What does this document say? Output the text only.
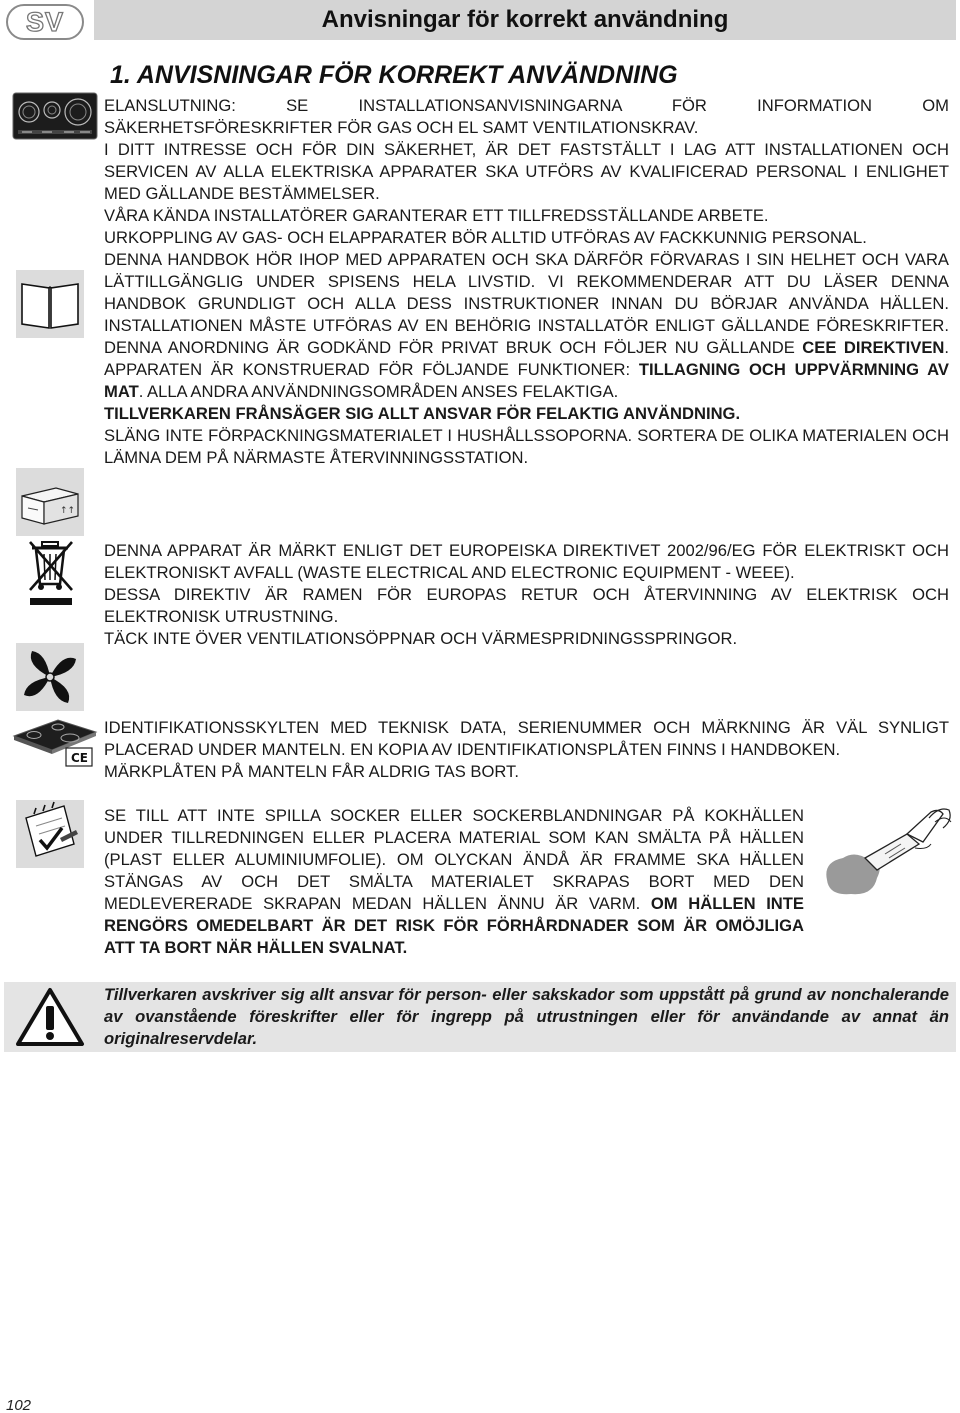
SV	Anvisningar för korrekt användning
1. ANVISNINGAR FÖR KORREKT ANVÄNDNING
↑↑
CE

ELANSLUTNING: SE INSTALLATIONSANVISNINGARNA FÖR INFORMATION OM SÄKERHETSFÖRESKRIFTER FÖR GAS OCH EL SAMT VENTILATIONSKRAV.

I DITT INTRESSE OCH FÖR DIN SÄKERHET, ÄR DET FASTSTÄLLT I LAG ATT INSTALLATIONEN OCH SERVICEN AV ALLA ELEKTRISKA APPARATER SKA UTFÖRS AV KVALIFICERAD PERSONAL I ENLIGHET MED GÄLLANDE BESTÄMMELSER.

VÅRA KÄNDA INSTALLATÖRER GARANTERAR ETT TILLFREDSSTÄLLANDE ARBETE.

URKOPPLING AV GAS- OCH ELAPPARATER BÖR ALLTID UTFÖRAS AV FACKKUNNIG PERSONAL.

DENNA HANDBOK HÖR IHOP MED APPARATEN OCH SKA DÄRFÖR FÖRVARAS I SIN HELHET OCH VARA LÄTTILLGÄNGLIG UNDER SPISENS HELA LIVSTID. VI REKOMMENDERAR ATT DU LÄSER DENNA HANDBOK GRUNDLIGT OCH ALLA DESS INSTRUKTIONER INNAN DU BÖRJAR ANVÄNDA HÄLLEN. INSTALLATIONEN MÅSTE UTFÖRAS AV EN BEHÖRIG INSTALLATÖR ENLIGT GÄLLANDE FÖRESKRIFTER. DENNA ANORDNING ÄR GODKÄND FÖR PRIVAT BRUK OCH FÖLJER NU GÄLLANDE CEE DIREKTIVEN. APPARATEN ÄR KONSTRUERAD FÖR FÖLJANDE FUNKTIONER: TILLAGNING OCH UPPVÄRMNING AV MAT. ALLA ANDRA ANVÄNDNINGSOMRÅDEN ANSES FELAKTIGA.

TILLVERKAREN FRÅNSÄGER SIG ALLT ANSVAR FÖR FELAKTIG ANVÄNDNING.

SLÄNG INTE FÖRPACKNINGSMATERIALET I HUSHÅLLSSOPORNA. SORTERA DE OLIKA MATERIALEN OCH LÄMNA DEM PÅ NÄRMASTE ÅTERVINNINGSSTATION.

DENNA APPARAT ÄR MÄRKT ENLIGT DET EUROPEISKA DIREKTIVET 2002/96/EG FÖR ELEKTRISKT OCH ELEKTRONISKT AVFALL (WASTE ELECTRICAL AND ELECTRONIC EQUIPMENT - WEEE).

DESSA DIREKTIV ÄR RAMEN FÖR EUROPAS RETUR OCH ÅTERVINNING AV ELEKTRISK OCH ELEKTRONISK UTRUSTNING.

TÄCK INTE ÖVER VENTILATIONSÖPPNAR OCH VÄRMESPRIDNINGSSPRINGOR.

IDENTIFIKATIONSSKYLTEN MED TEKNISK DATA, SERIENUMMER OCH MÄRKNING ÄR VÄL SYNLIGT PLACERAD UNDER MANTELN. EN KOPIA AV IDENTIFIKATIONSPLÅTEN FINNS I HANDBOKEN.

MÄRKPLÅTEN PÅ MANTELN FÅR ALDRIG TAS BORT.

SE TILL ATT INTE SPILLA SOCKER ELLER SOCKERBLANDNINGAR PÅ KOKHÄLLEN UNDER TILLREDNINGEN ELLER PLACERA MATERIAL SOM KAN SMÄLTA PÅ HÄLLEN (PLAST ELLER ALUMINIUMFOLIE). OM OLYCKAN ÄNDÅ ÄR FRAMME SKA HÄLLEN STÄNGAS AV OCH DET SMÄLTA MATERIALET SKRAPAS BORT MED DEN MEDLEVERERADE SKRAPAN MEDAN HÄLLEN ÄNNU ÄR VARM. OM HÄLLEN INTE RENGÖRS OMEDELBART ÄR DET RISK FÖR FÖRHÅRDNADER SOM ÄR OMÖJLIGA ATT TA BORT NÄR HÄLLEN SVALNAT.

Tillverkaren avskriver sig allt ansvar för person- eller sakskador som uppstått på grund av nonchalerande av ovanstående föreskrifter eller för ingrepp på utrustningen eller för användande av annat än originalreservdelar.
102
